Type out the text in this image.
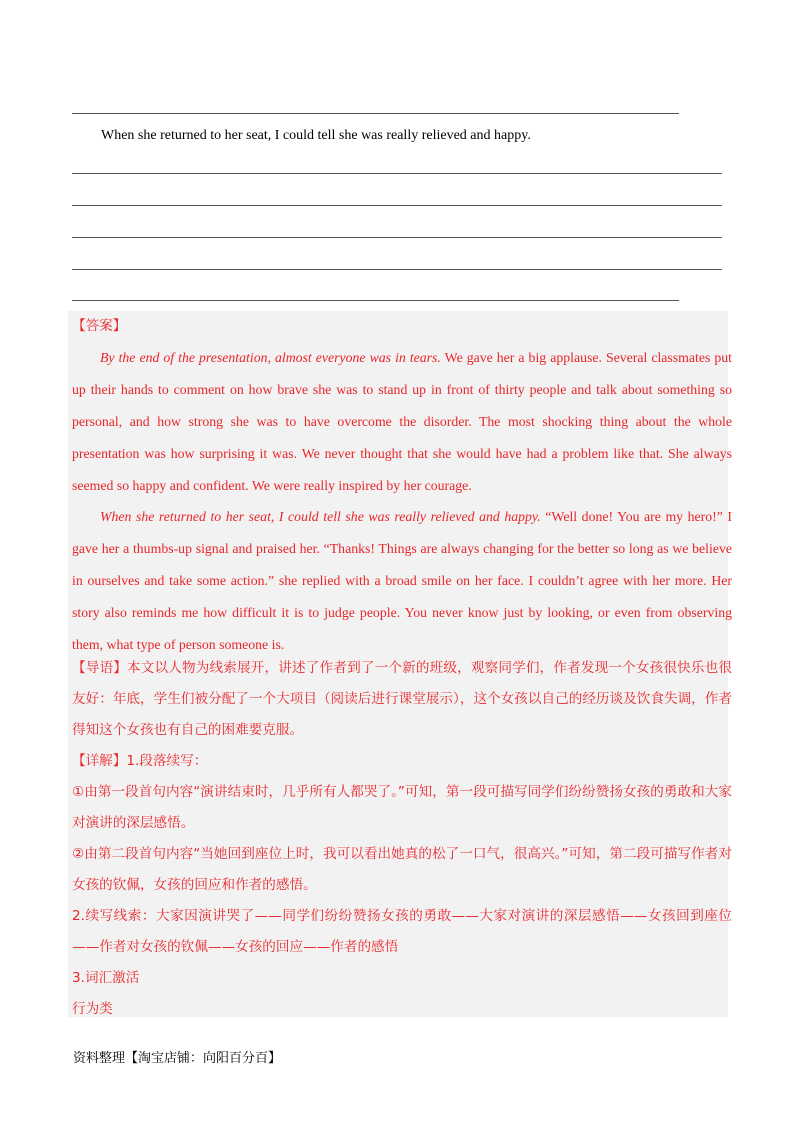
When she returned to her seat, I could tell she was really relieved and happy.

【答案】

By the end of the presentation, almost everyone was in tears. We gave her a big applause. Several classmates put up their hands to comment on how brave she was to stand up in front of thirty people and talk about something so personal, and how strong she was to have overcome the disorder. The most shocking thing about the whole presentation was how surprising it was. We never thought that she would have had a problem like that. She always seemed so happy and confident. We were really inspired by her courage.

When she returned to her seat, I could tell she was really relieved and happy. “Well done! You are my hero!” I gave her a thumbs-up signal and praised her. “Thanks! Things are always changing for the better so long as we believe in ourselves and take some action.” she replied with a broad smile on her face. I couldn’t agree with her more. Her story also reminds me how difficult it is to judge people. You never know just by looking, or even from observing them, what type of person someone is.

【导语】本文以人物为线索展开，讲述了作者到了一个新的班级，观察同学们，作者发现一个女孩很快乐也很友好：年底，学生们被分配了一个大项目（阅读后进行课堂展示），这个女孩以自己的经历谈及饮食失调，作者得知这个女孩也有自己的困难要克服。

【详解】1.段落续写：

①由第一段首句内容“演讲结束时，几乎所有人都哭了。”可知，第一段可描写同学们纷纷赞扬女孩的勇敢和大家对演讲的深层感悟。

②由第二段首句内容“当她回到座位上时，我可以看出她真的松了一口气，很高兴。”可知，第二段可描写作者对女孩的钦佩，女孩的回应和作者的感悟。

2.续写线索：大家因演讲哭了——同学们纷纷赞扬女孩的勇敢——大家对演讲的深层感悟——女孩回到座位——作者对女孩的钦佩——女孩的回应——作者的感悟

3.词汇激活

行为类

资料整理【淘宝店铺：向阳百分百】
